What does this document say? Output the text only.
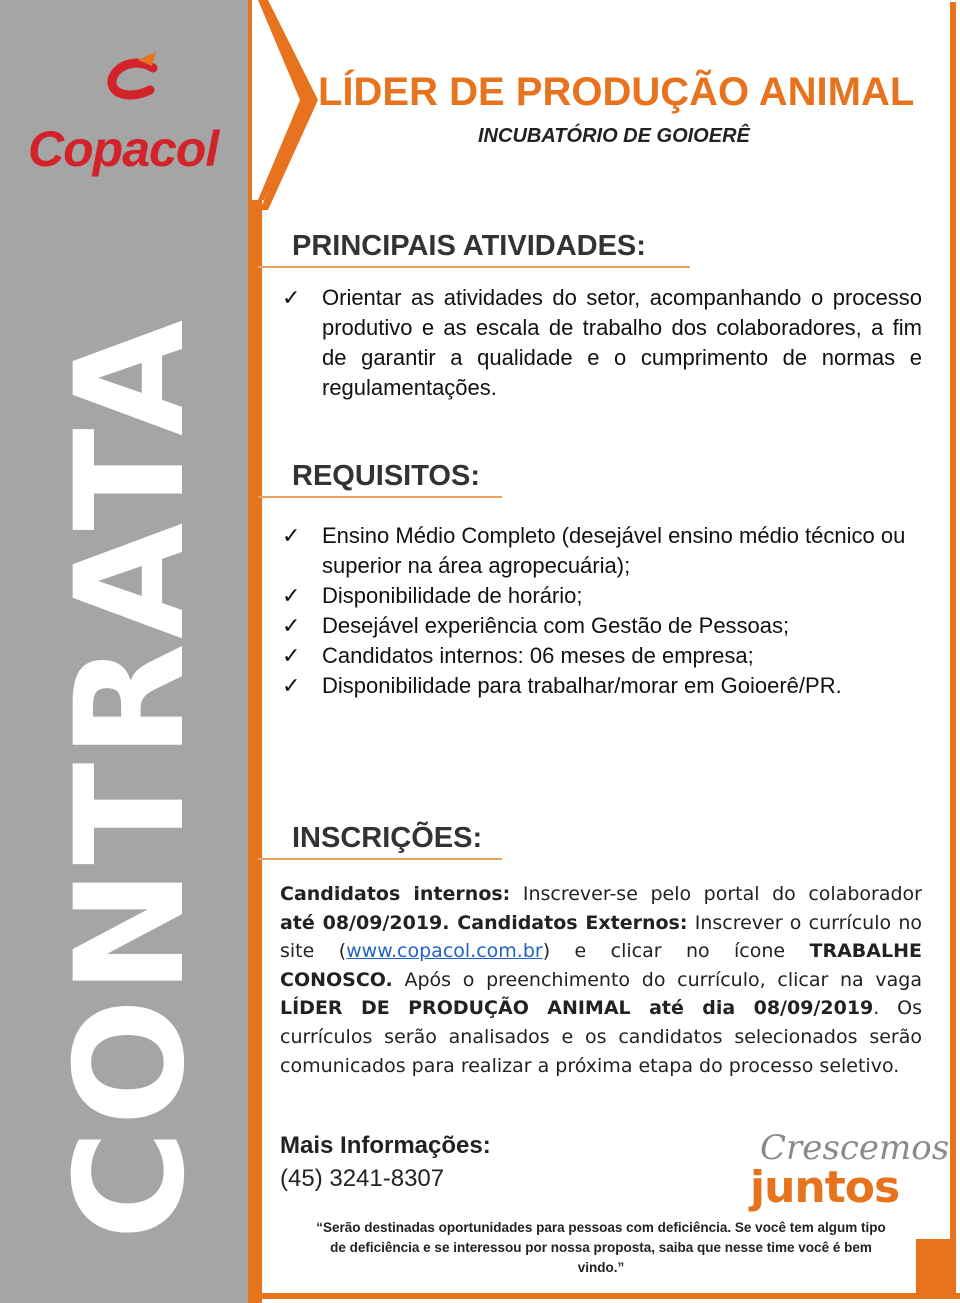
Copacol
CONTRATA
LÍDER DE PRODUÇÃO ANIMAL
INCUBATÓRIO DE GOIOERÊ
PRINCIPAIS ATIVIDADES:
✓ Orientar as atividades do setor, acompanhando o processo produtivo e as escala de trabalho dos colaboradores, a fim de garantir a qualidade e o cumprimento de normas e regulamentações.
REQUISITOS:
✓ Ensino Médio Completo (desejável ensino médio técnico ou superior na área agropecuária);
✓ Disponibilidade de horário;
✓ Desejável experiência com Gestão de Pessoas;
✓ Candidatos internos: 06 meses de empresa;
✓ Disponibilidade para trabalhar/morar em Goioerê/PR.
INSCRIÇÕES:
Candidatos internos: Inscrever-se pelo portal do colaborador até 08/09/2019. Candidatos Externos: Inscrever o currículo no site (www.copacol.com.br) e clicar no ícone TRABALHE CONOSCO. Após o preenchimento do currículo, clicar na vaga LÍDER DE PRODUÇÃO ANIMAL até dia 08/09/2019. Os currículos serão analisados e os candidatos selecionados serão comunicados para realizar a próxima etapa do processo seletivo.
Mais Informações:
(45) 3241-8307
Crescemos
juntos
“Serão destinadas oportunidades para pessoas com deficiência. Se você tem algum tipo de deficiência e se interessou por nossa proposta, saiba que nesse time você é bem vindo.”
